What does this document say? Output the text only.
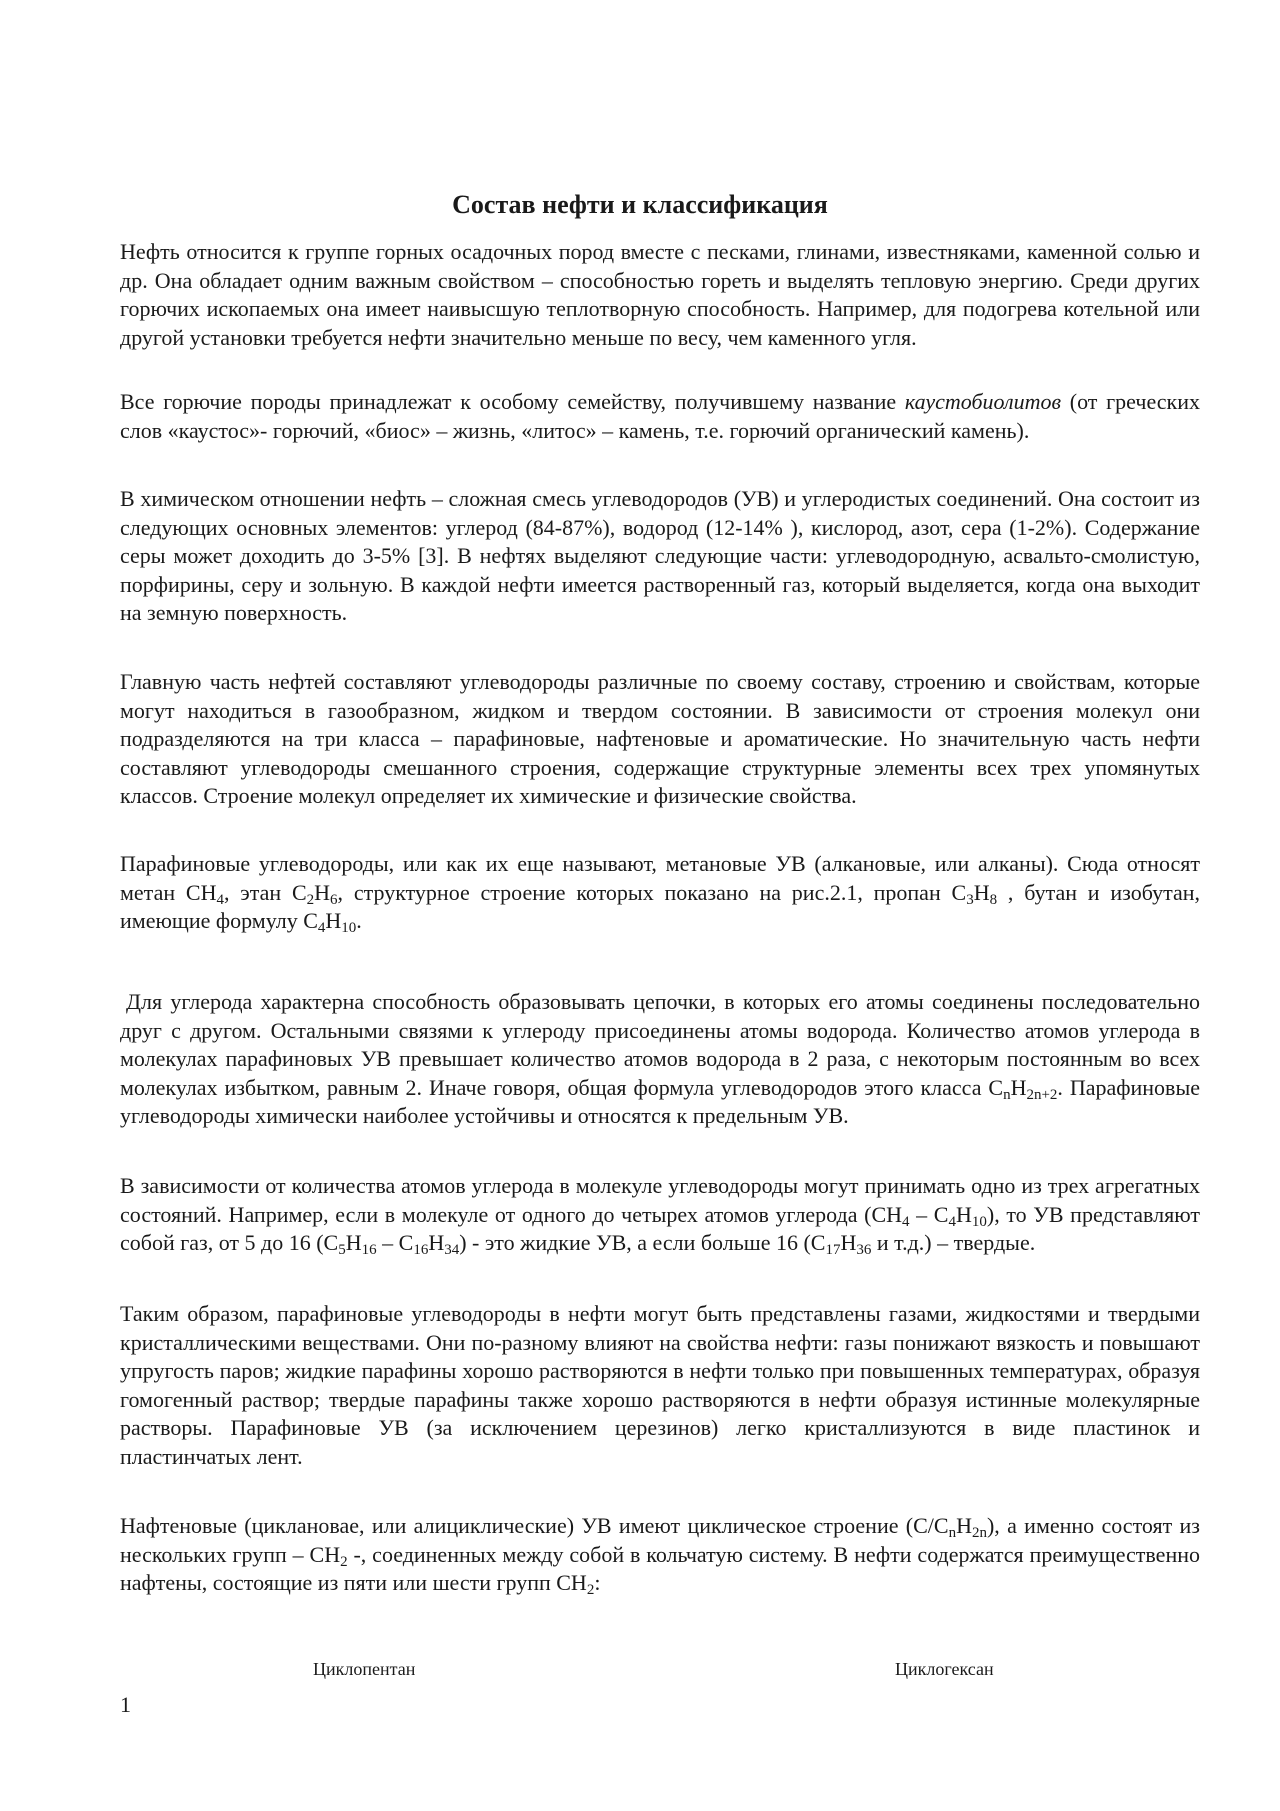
Состав нефти и классификация

Нефть относится к группе горных осадочных пород вместе с песками, глинами, известняками, каменной солью и др. Она обладает одним важным свойством – способностью гореть и выделять тепловую энергию. Среди других горючих ископаемых она имеет наивысшую теплотворную способность. Например, для подогрева котельной или другой установки требуется нефти значительно меньше по весу, чем каменного угля.

Все горючие породы принадлежат к особому семейству, получившему название каустобиолитов (от греческих слов «каустос»- горючий, «биос» – жизнь, «литос» – камень, т.е. горючий органический камень).

В химическом отношении нефть – сложная смесь углеводородов (УВ) и углеродистых соединений. Она состоит из следующих основных элементов: углерод (84-87%), водород (12-14% ), кислород, азот, сера (1-2%). Содержание серы может доходить до 3-5% [3]. В нефтях выделяют следующие части: углеводородную, асвальто-смолистую, порфирины, серу и зольную. В каждой нефти имеется растворенный газ, который выделяется, когда она выходит на земную поверхность.

Главную часть нефтей составляют углеводороды различные по своему составу, строению и свойствам, которые могут находиться в газообразном, жидком и твердом состоянии. В зависимости от строения молекул они подразделяются на три класса – парафиновые, нафтеновые и ароматические. Но значительную часть нефти составляют углеводороды смешанного строения, содержащие структурные элементы всех трех упомянутых классов. Строение молекул определяет их химические и физические свойства.

Парафиновые углеводороды, или как их еще называют, метановые УВ (алкановые, или алканы). Сюда относят метан $СН_4$, этан $С_2Н_6$, структурное строение которых показано на рис.2.1, пропан $С_3Н_8$ , бутан и изобутан, имеющие формулу $С_4Н_{10}$.

Для углерода характерна способность образовывать цепочки, в которых его атомы соединены последовательно друг с другом. Остальными связями к углероду присоединены атомы водорода. Количество атомов углерода в молекулах парафиновых УВ превышает количество атомов водорода в 2 раза, с некоторым постоянным во всех молекулах избытком, равным 2. Иначе говоря, общая формула углеводородов этого класса $С_nН_{2n+2}$. Парафиновые углеводороды химически наиболее устойчивы и относятся к предельным УВ.

В зависимости от количества атомов углерода в молекуле углеводороды могут принимать одно из трех агрегатных состояний. Например, если в молекуле от одного до четырех атомов углерода $(СН_4 - С_4Н_{10})$, то УВ представляют собой газ, от 5 до 16 $(С_5Н_{16} - С_{16}Н_{34})$ - это жидкие УВ, а если больше 16 ($С_{17}Н_{36}$ и т.д.) – твердые.

Таким образом, парафиновые углеводороды в нефти могут быть представлены газами, жидкостями и твердыми кристаллическими веществами. Они по-разному влияют на свойства нефти: газы понижают вязкость и повышают упругость паров; жидкие парафины хорошо растворяются в нефти только при повышенных температурах, образуя гомогенный раствор; твердые парафины также хорошо растворяются в нефти образуя истинные молекулярные растворы. Парафиновые УВ (за исключением церезинов) легко кристаллизуются в виде пластинок и пластинчатых лент.

Нафтеновые (циклановае, или алициклические) УВ имеют циклическое строение $(С/С_nН_{2n})$, а именно состоят из нескольких групп – $СН_2$ -, соединенных между собой в кольчатую систему. В нефти содержатся преимущественно нафтены, состоящие из пяти или шести групп $СН_2$:

Циклопентан	Циклогексан
1
